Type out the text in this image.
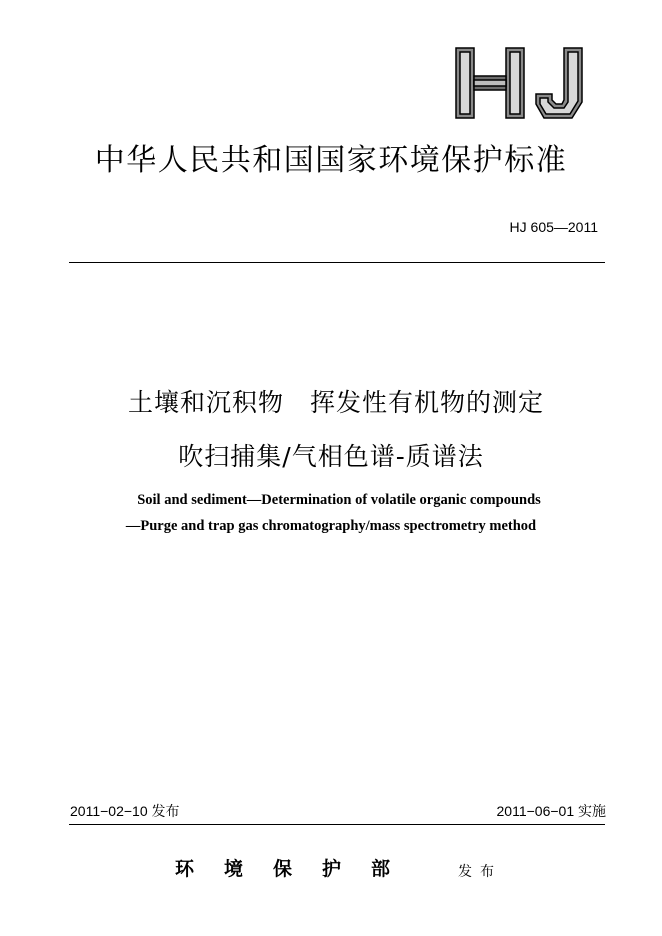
中华人民共和国国家环境保护标准
HJ 605—2011
土壤和沉积物　挥发性有机物的测定
吹扫捕集/气相色谱-质谱法
Soil and sediment—Determination of volatile organic compounds
—Purge and trap gas chromatography/mass spectrometry method
2011−02−10 发布	2011−06−01 实施
环境保护部	发布
